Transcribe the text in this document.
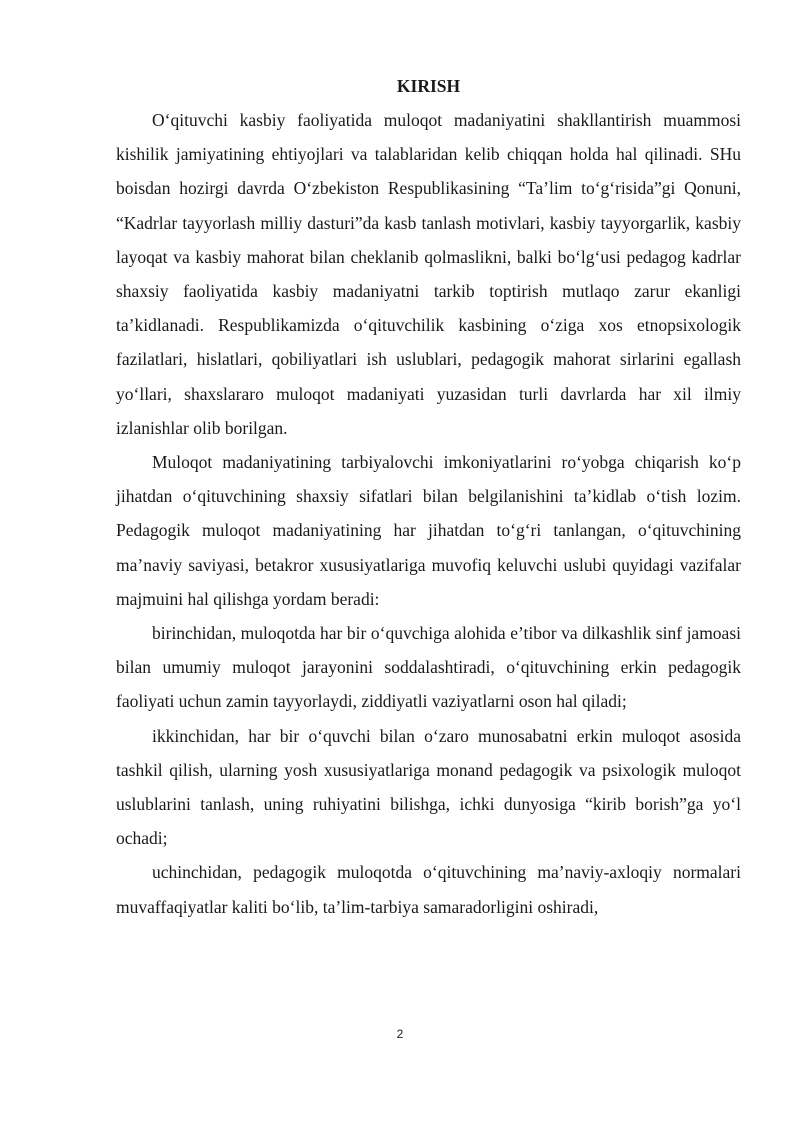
KIRISH

O‘qituvchi kasbiy faoliyatida muloqot madaniyatini shakllantirish muammosi kishilik jamiyatining ehtiyojlari va talablaridan kelib chiqqan holda hal qilinadi. SHu boisdan hozirgi davrda O‘zbekiston Respublikasining “Ta’lim to‘g‘risida”gi Qonuni, “Kadrlar tayyorlash milliy dasturi”da kasb tanlash motivlari, kasbiy tayyorgarlik, kasbiy layoqat va kasbiy mahorat bilan cheklanib qolmaslikni, balki bo‘lg‘usi pedagog kadrlar shaxsiy faoliyatida kasbiy madaniyatni tarkib toptirish mutlaqo zarur ekanligi ta’kidlanadi. Respublikamizda o‘qituvchilik kasbining o‘ziga xos etnopsixologik fazilatlari, hislatlari, qobiliyatlari ish uslublari, pedagogik mahorat sirlarini egallash yo‘llari, shaxslararo muloqot madaniyati yuzasidan turli davrlarda har xil ilmiy izlanishlar olib borilgan.

Muloqot madaniyatining tarbiyalovchi imkoniyatlarini ro‘yobga chiqarish ko‘p jihatdan o‘qituvchining shaxsiy sifatlari bilan belgilanishini ta’kidlab o‘tish lozim. Pedagogik muloqot madaniyatining har jihatdan to‘g‘ri tanlangan, o‘qituvchining ma’naviy saviyasi, betakror xususiyatlariga muvofiq keluvchi uslubi quyidagi vazifalar majmuini hal qilishga yordam beradi:

birinchidan, muloqotda har bir o‘quvchiga alohida e’tibor va dilkashlik sinf jamoasi bilan umumiy muloqot jarayonini soddalashtiradi, o‘qituvchining erkin pedagogik faoliyati uchun zamin tayyorlaydi, ziddiyatli vaziyatlarni oson hal qiladi;

ikkinchidan, har bir o‘quvchi bilan o‘zaro munosabatni erkin muloqot asosida tashkil qilish, ularning yosh xususiyatlariga monand pedagogik va psixologik muloqot uslublarini tanlash, uning ruhiyatini bilishga, ichki dunyosiga “kirib borish”ga yo‘l ochadi;

uchinchidan, pedagogik muloqotda o‘qituvchining ma’naviy-axloqiy normalari muvaffaqiyatlar kaliti bo‘lib, ta’lim-tarbiya samaradorligini oshiradi,

2
